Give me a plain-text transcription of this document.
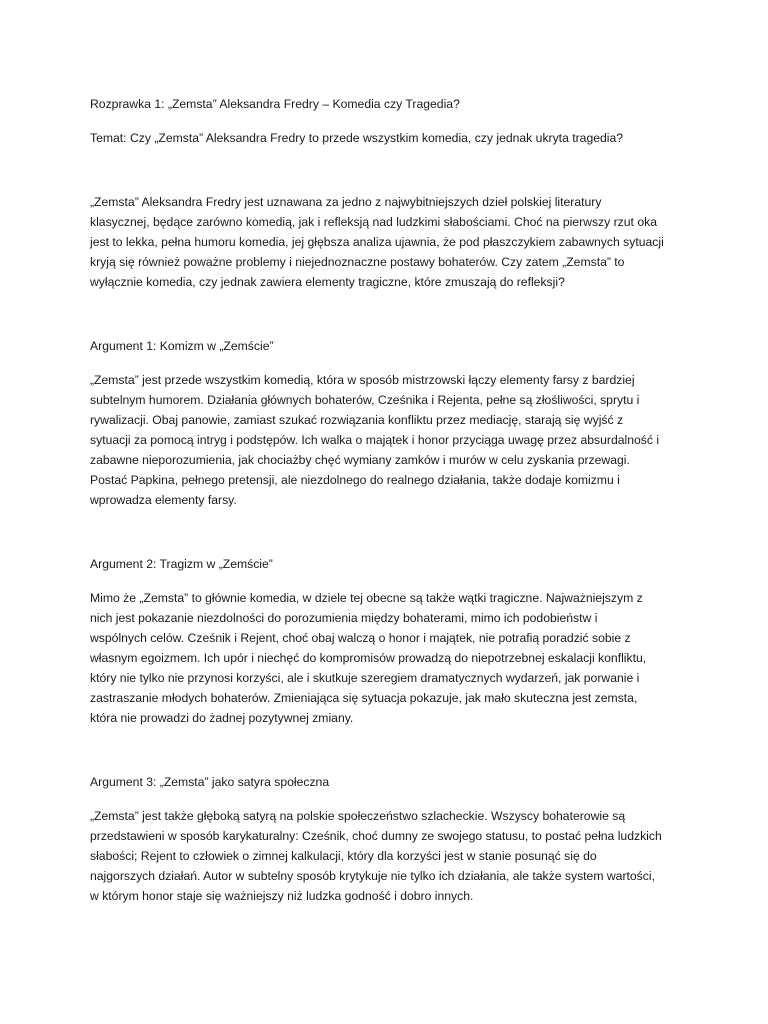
Rozprawka 1: „Zemsta” Aleksandra Fredry – Komedia czy Tragedia?
Temat: Czy „Zemsta” Aleksandra Fredry to przede wszystkim komedia, czy jednak ukryta tragedia?
„Zemsta” Aleksandra Fredry jest uznawana za jedno z najwybitniejszych dzieł polskiej literatury
klasycznej, będące zarówno komedią, jak i refleksją nad ludzkimi słabościami. Choć na pierwszy rzut oka
jest to lekka, pełna humoru komedia, jej głębsza analiza ujawnia, że pod płaszczykiem zabawnych sytuacji
kryją się również poważne problemy i niejednoznaczne postawy bohaterów. Czy zatem „Zemsta” to
wyłącznie komedia, czy jednak zawiera elementy tragiczne, które zmuszają do refleksji?
Argument 1: Komizm w „Zemście”
„Zemsta” jest przede wszystkim komedią, która w sposób mistrzowski łączy elementy farsy z bardziej
subtelnym humorem. Działania głównych bohaterów, Cześnika i Rejenta, pełne są złośliwości, sprytu i
rywalizacji. Obaj panowie, zamiast szukać rozwiązania konfliktu przez mediację, starają się wyjść z
sytuacji za pomocą intryg i podstępów. Ich walka o majątek i honor przyciąga uwagę przez absurdalność i
zabawne nieporozumienia, jak chociażby chęć wymiany zamków i murów w celu zyskania przewagi.
Postać Papkina, pełnego pretensji, ale niezdolnego do realnego działania, także dodaje komizmu i
wprowadza elementy farsy.
Argument 2: Tragizm w „Zemście”
Mimo że „Zemsta” to głównie komedia, w dziele tej obecne są także wątki tragiczne. Najważniejszym z
nich jest pokazanie niezdolności do porozumienia między bohaterami, mimo ich podobieństw i
wspólnych celów. Cześnik i Rejent, choć obaj walczą o honor i majątek, nie potrafią poradzić sobie z
własnym egoizmem. Ich upór i niechęć do kompromisów prowadzą do niepotrzebnej eskalacji konfliktu,
który nie tylko nie przynosi korzyści, ale i skutkuje szeregiem dramatycznych wydarzeń, jak porwanie i
zastraszanie młodych bohaterów. Zmieniająca się sytuacja pokazuje, jak mało skuteczna jest zemsta,
która nie prowadzi do żadnej pozytywnej zmiany.
Argument 3: „Zemsta” jako satyra społeczna
„Zemsta” jest także głęboką satyrą na polskie społeczeństwo szlacheckie. Wszyscy bohaterowie są
przedstawieni w sposób karykaturalny: Cześnik, choć dumny ze swojego statusu, to postać pełna ludzkich
słabości; Rejent to człowiek o zimnej kalkulacji, który dla korzyści jest w stanie posunąć się do
najgorszych działań. Autor w subtelny sposób krytykuje nie tylko ich działania, ale także system wartości,
w którym honor staje się ważniejszy niż ludzka godność i dobro innych.
